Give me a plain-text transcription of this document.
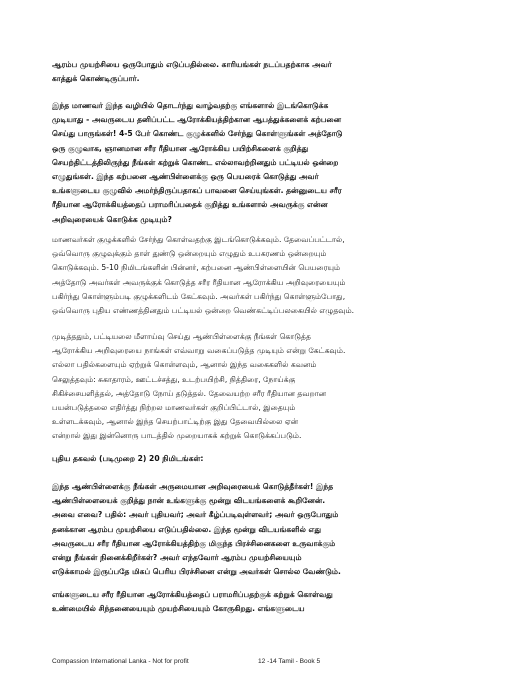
ஆரம்ப முயற்சியை ஒருபோதும் எடுப்பதில்லை. காரியங்கள் நடப்பதற்காக அவர்
காத்துக் கொண்டிருப்பார்.
இந்த மாணவர் இந்த வழியில் தொடர்ந்து வாழ்வதற்கு எங்களால் இடங்கொடுக்க
முடியாது - அவருடைய தனிப்பட்ட ஆரோக்கியத்திற்கான ஆபத்துக்களைக் கற்பனை
செய்து பாருங்கள்! 4-5 பேர் கொண்ட குழுக்களில் சேர்ந்து கொள்ளுங்கள் அத்தோடு
ஒரு குழுவாக, ஞானமான சரீர ரீதியான ஆரோக்கிய பயிற்சிகளைக் குறித்து
செயற்திட்டத்திலிருந்து நீங்கள் கற்றுக் கொண்ட எல்லாவற்றினதும் பட்டியல் ஒன்றை
எழுதுங்கள். இந்த கற்பனை ஆண்பிள்ளைக்கு ஒரு பெயரைக் கொடுத்து அவர்
உங்களுடைய குழுவில் அமர்ந்திருப்பதாகப் பாவனை செய்யுங்கள். தன்னுடைய சரீர
ரீதியான ஆரோக்கியத்தைப் பராமரிப்பதைக் குறித்து உங்களால் அவருக்கு என்ன
அறிவுரையைக் கொடுக்க முடியும்?
மாணவர்கள் குழுக்களில் சேர்ந்து கொள்வதற்கு இடங்கொடுக்கவும். தேவைப்பட்டால்,
ஒவ்வொரு குழுவுக்கும் தாள் துண்டு ஒன்றையும் எழுதும் உபகரணம் ஒன்றையும்
கொடுக்கவும். 5-10 நிமிடங்களின் பின்னர், கற்பனை ஆண்பிள்ளையின் பெயரையும்
அத்தோடு அவர்கள் அவருக்குக் கொடுத்த சரீர ரீதியான ஆரோக்கிய அறிவுரையையும்
பகிர்ந்து கொள்ளும்படி குழுக்களிடம் கேட்கவும். அவர்கள் பகிர்ந்து கொள்ளும்போது,
ஒவ்வொரு புதிய எண்ணத்தினதும் பட்டியல் ஒன்றை வெண்கட்டிப்பலகையில் எழுதவும்.
முடித்ததும், பட்டியலை மீளாய்வு செய்து ஆண்பிள்ளைக்கு நீங்கள் கொடுத்த
ஆரோக்கிய அறிவுரையை நாங்கள் எவ்வாறு வகைப்படுத்த முடியும் என்று கேட்கவும்.
எல்லா பதில்களையும் ஏற்றுக் கொள்ளவும், ஆனால் இந்த வகைகளில் கவனம்
செலுத்தவும்: சுகாதாரம், ஊட்டச்சத்து, உடற்பயிற்சி, நித்திரை, நோய்க்கு
சிகிச்சையளித்தல், அத்தோடு நோய் தடுத்தல். தேவையற்ற சரீர ரீதியான தவறான
பயன்படுத்தலை எதிர்த்து நிற்றல மாணவர்கள் குறிப்பிட்டால், இதையும்
உள்ளடக்கவும், ஆனால் இந்த செயற்பாட்டிற்கு இது தேவையில்லை ஏன்
என்றால் இது இன்னொரு பாடத்தில் முறையாகக் கற்றுக் கொடுக்கப்படும்.
புதிய தகவல் (படிமுறை 2) 20 நிமிடங்கள்:
இந்த ஆண்பிள்ளைக்கு நீங்கள் அருமையான அறிவுரையைக் கொடுத்தீர்கள்! இந்த
ஆண்பிள்ளையைக் குறித்து நான் உங்களுக்கு மூன்று விடயங்களைக் கூறினேன்.
அவை எவை? பதில்: அவர் புதியவர்; அவர் கீழ்ப்படிவுள்ளவர்; அவர் ஒருபோதும்
தனக்கான ஆரம்ப முயற்சியை எடுப்பதில்லை. இந்த மூன்று விடயங்களில் எது
அவருடைய சரீர ரீதியான ஆரோக்கியத்திற்கு மிகுந்த பிரச்சினைகளை உருவாக்கும்
என்று நீங்கள் நினைக்கிறீர்கள்? அவர் எந்தவோர் ஆரம்ப முயற்சியையும்
எடுக்காமல் இருப்பதே மிகப் பெரிய பிரச்சினை என்று அவர்கள் சொல்ல வேண்டும்.
எங்களுடைய சரீர ரீதியான ஆரோக்கியத்தைப் பராமரிப்பதற்குக் கற்றுக் கொள்வது
உண்மையில் சிந்தனையையும் முயற்சியையும் கோருகிறது. எங்களுடைய
Compassion International Lanka - Not for profit	12 -14 Tamil - Book 5
